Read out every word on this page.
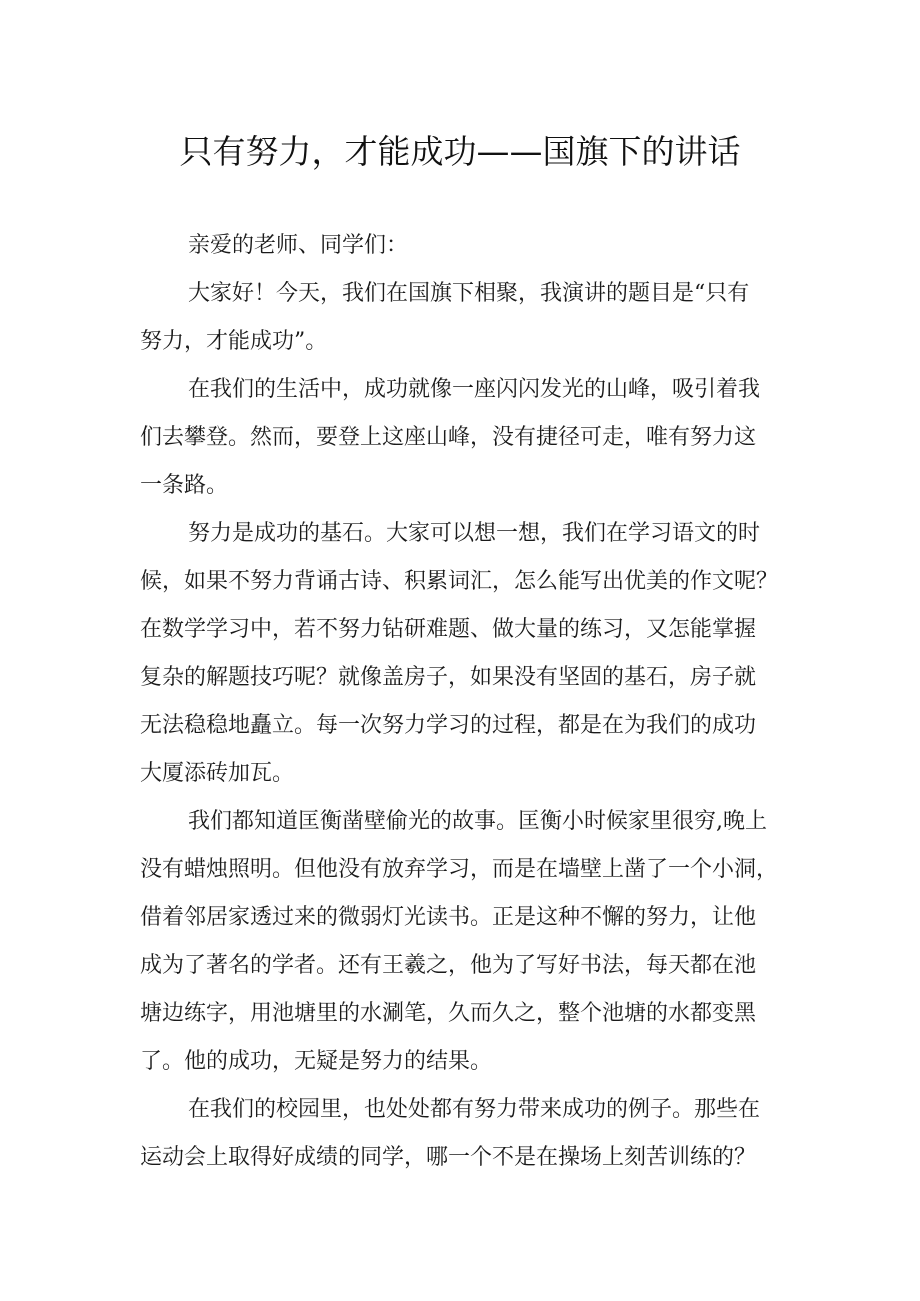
只有努力，才能成功——国旗下的讲话
亲爱的老师、同学们：
大家好！今天，我们在国旗下相聚，我演讲的题目是“只有
努力，才能成功”。
在我们的生活中，成功就像一座闪闪发光的山峰，吸引着我
们去攀登。然而，要登上这座山峰，没有捷径可走，唯有努力这
一条路。
努力是成功的基石。大家可以想一想，我们在学习语文的时
候，如果不努力背诵古诗、积累词汇，怎么能写出优美的作文呢？
在数学学习中，若不努力钻研难题、做大量的练习，又怎能掌握
复杂的解题技巧呢？就像盖房子，如果没有坚固的基石，房子就
无法稳稳地矗立。每一次努力学习的过程，都是在为我们的成功
大厦添砖加瓦。
我们都知道匡衡凿壁偷光的故事。匡衡小时候家里很穷,晚上
没有蜡烛照明。但他没有放弃学习，而是在墙壁上凿了一个小洞，
借着邻居家透过来的微弱灯光读书。正是这种不懈的努力，让他
成为了著名的学者。还有王羲之，他为了写好书法，每天都在池
塘边练字，用池塘里的水涮笔，久而久之，整个池塘的水都变黑
了。他的成功，无疑是努力的结果。
在我们的校园里，也处处都有努力带来成功的例子。那些在
运动会上取得好成绩的同学，哪一个不是在操场上刻苦训练的？
